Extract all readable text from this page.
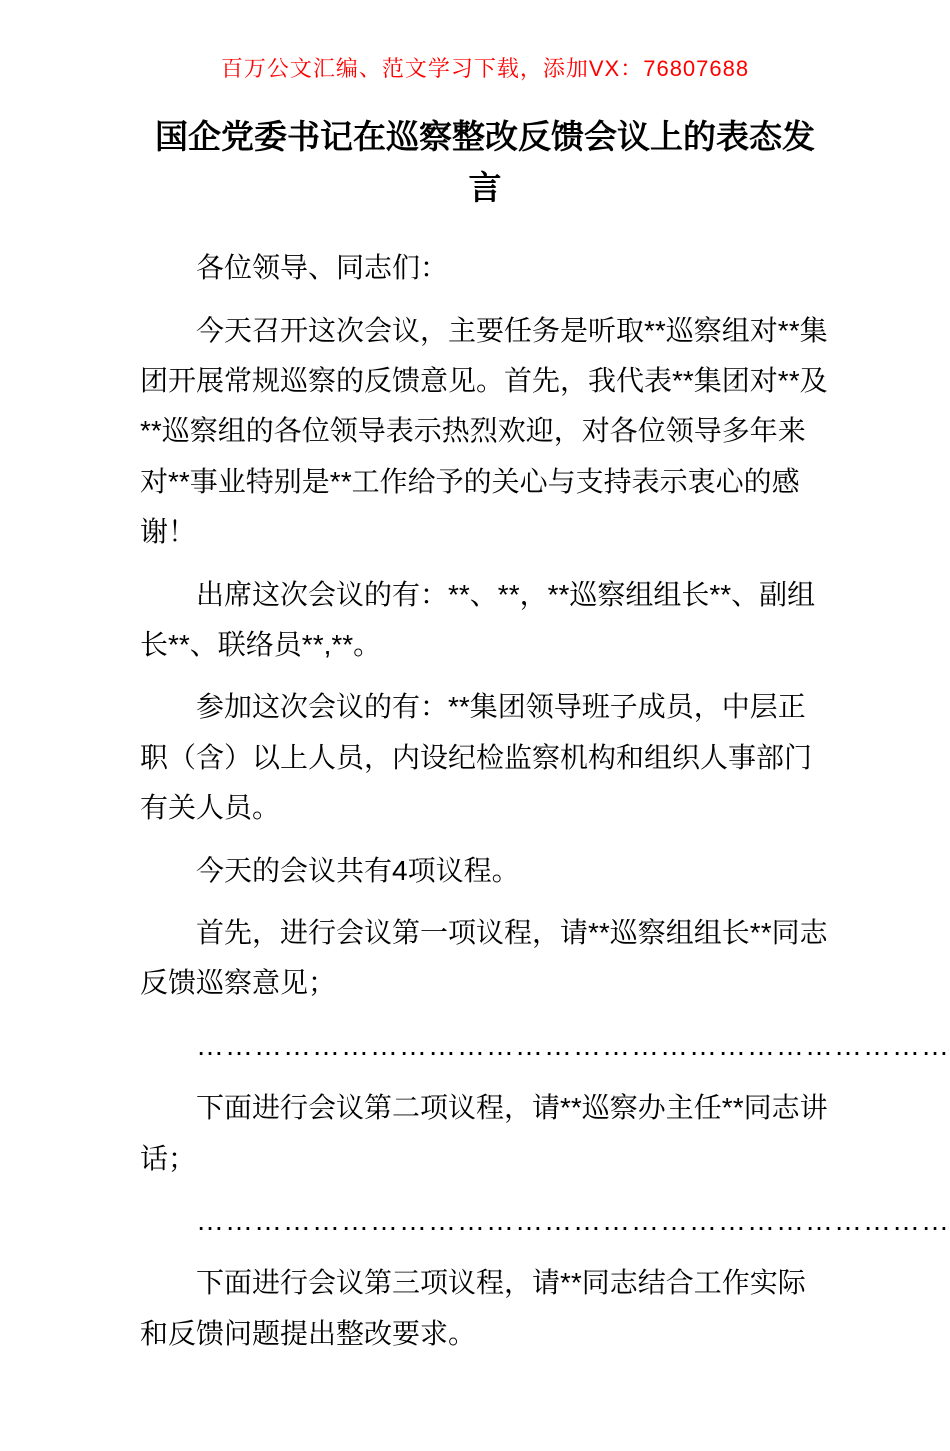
百万公文汇编、范文学习下载，添加VX：76807688
国企党委书记在巡察整改反馈会议上的表态发言

各位领导、同志们：

今天召开这次会议，主要任务是听取**巡察组对**集团开展常规巡察的反馈意见。首先，我代表**集团对**及**巡察组的各位领导表示热烈欢迎，对各位领导多年来对**事业特别是**工作给予的关心与支持表示衷心的感谢！

出席这次会议的有：**、**，**巡察组组长**、副组长**、联络员**,**。

参加这次会议的有：**集团领导班子成员，中层正职（含）以上人员，内设纪检监察机构和组织人事部门有关人员。

今天的会议共有4项议程。

首先，进行会议第一项议程，请**巡察组组长**同志反馈巡察意见；

……………………………………………………………………

下面进行会议第二项议程，请**巡察办主任**同志讲话；

……………………………………………………………………

下面进行会议第三项议程，请**同志结合工作实际和反馈问题提出整改要求。
